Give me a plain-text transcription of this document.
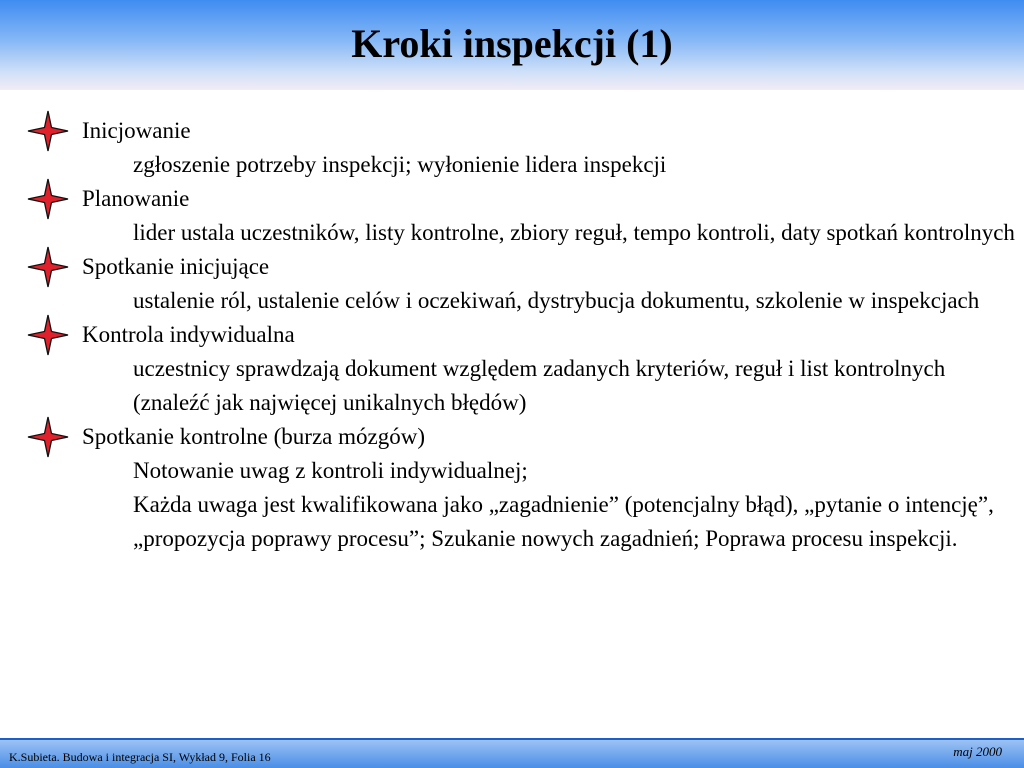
Kroki inspekcji (1)
Inicjowanie
zgłoszenie potrzeby inspekcji; wyłonienie lidera inspekcji
Planowanie
lider ustala uczestników, listy kontrolne, zbiory reguł, tempo kontroli, daty spotkań kontrolnych
Spotkanie inicjujące
ustalenie ról, ustalenie celów i oczekiwań, dystrybucja dokumentu, szkolenie w inspekcjach
Kontrola indywidualna
uczestnicy sprawdzają dokument względem zadanych kryteriów, reguł i list kontrolnych (znaleźć jak najwięcej unikalnych błędów)
Spotkanie kontrolne (burza mózgów)
Notowanie uwag z kontroli indywidualnej;
Każda uwaga jest kwalifikowana jako „zagadnienie” (potencjalny błąd), „pytanie o intencję”, „propozycja poprawy procesu”; Szukanie nowych zagadnień; Poprawa procesu inspekcji.
K.Subieta. Budowa i integracja SI, Wykład 9, Folia 16	maj 2000
